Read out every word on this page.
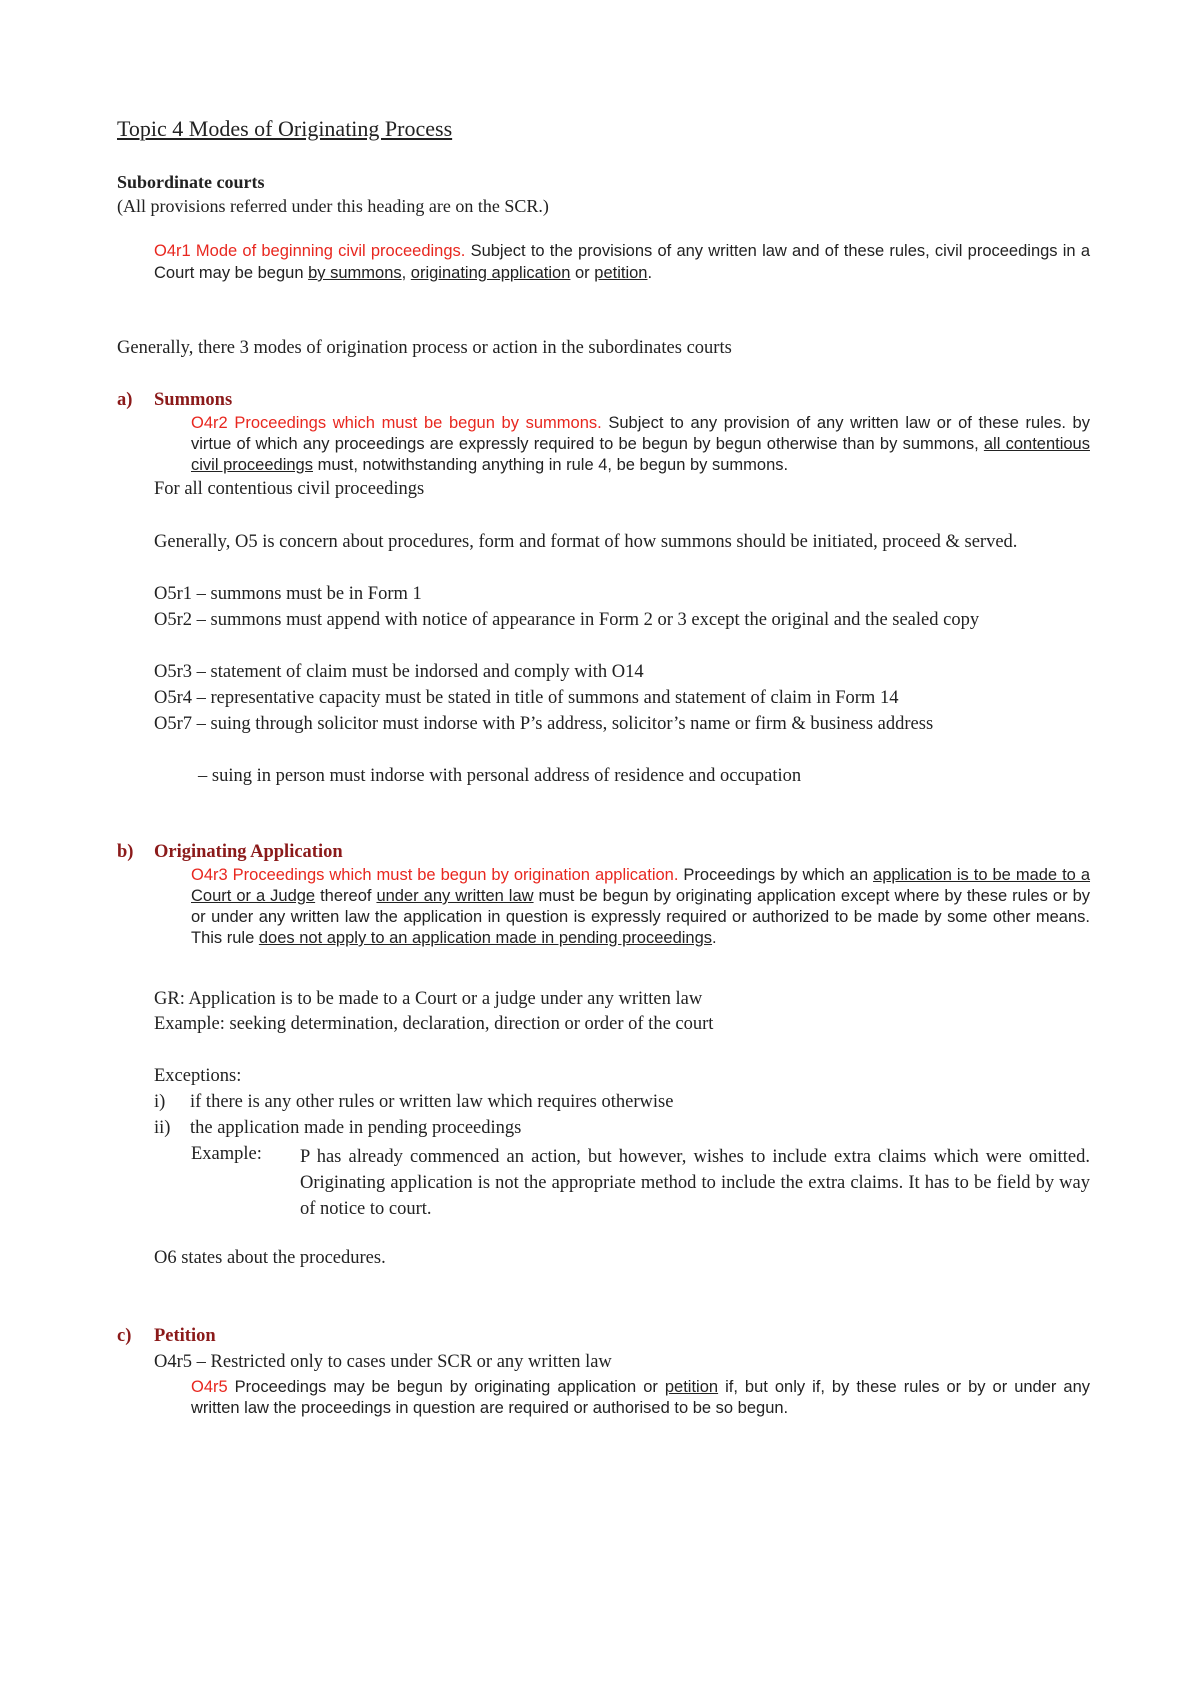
Topic 4 Modes of Originating Process
Subordinate courts
(All provisions referred under this heading are on the SCR.)
O4r1 Mode of beginning civil proceedings. Subject to the provisions of any written law and of these rules, civil proceedings in a Court may be begun by summons, originating application or petition.
Generally, there 3 modes of origination process or action in the subordinates courts
a) Summons
O4r2 Proceedings which must be begun by summons. Subject to any provision of any written law or of these rules. by virtue of which any proceedings are expressly required to be begun by begun otherwise than by summons, all contentious civil proceedings must, notwithstanding anything in rule 4, be begun by summons.
For all contentious civil proceedings
Generally, O5 is concern about procedures, form and format of how summons should be initiated, proceed & served.
O5r1 – summons must be in Form 1
O5r2 – summons must append with notice of appearance in Form 2 or 3 except the original and the sealed copy
O5r3 – statement of claim must be indorsed and comply with O14
O5r4 – representative capacity must be stated in title of summons and statement of claim in Form 14
O5r7 – suing through solicitor must indorse with P’s address, solicitor’s name or firm & business address
– suing in person must indorse with personal address of residence and occupation
b) Originating Application
O4r3 Proceedings which must be begun by origination application. Proceedings by which an application is to be made to a Court or a Judge thereof under any written law must be begun by originating application except where by these rules or by or under any written law the application in question is expressly required or authorized to be made by some other means. This rule does not apply to an application made in pending proceedings.
GR: Application is to be made to a Court or a judge under any written law
Example: seeking determination, declaration, direction or order of the court
Exceptions:
i) if there is any other rules or written law which requires otherwise
ii) the application made in pending proceedings
Example: P has already commenced an action, but however, wishes to include extra claims which were omitted. Originating application is not the appropriate method to include the extra claims. It has to be field by way of notice to court.
O6 states about the procedures.
c) Petition
O4r5 – Restricted only to cases under SCR or any written law
O4r5 Proceedings may be begun by originating application or petition if, but only if, by these rules or by or under any written law the proceedings in question are required or authorised to be so begun.
